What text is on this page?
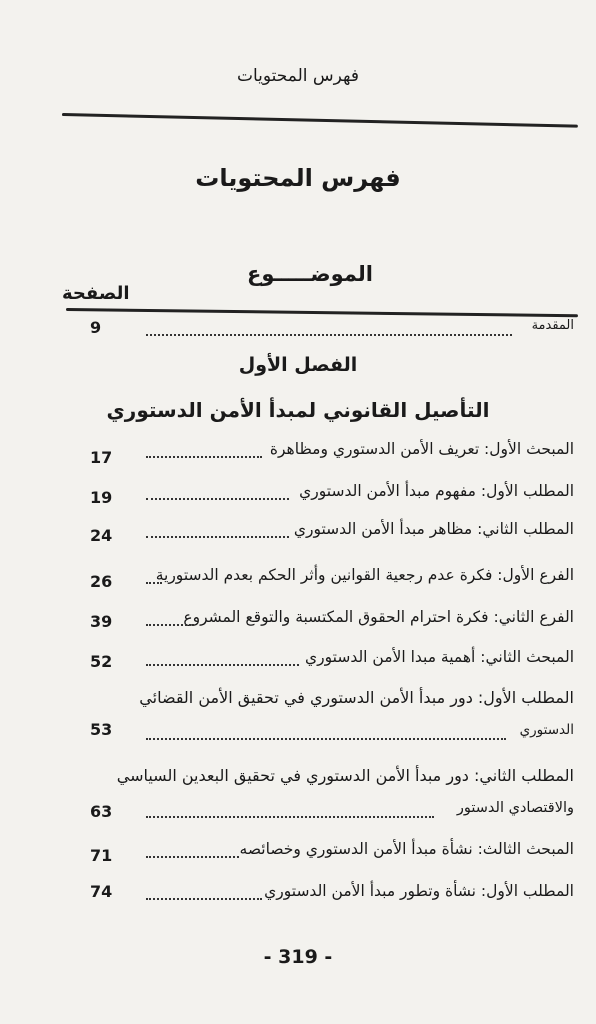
فهرس المحتويات
فهرس المحتويات
الموضـــــوع
الصفحة
المقدمة
9
الفصل الأول
التأصيل القانوني لمبدأ الأمن الدستوري
المبحث الأول: تعريف الأمن الدستوري ومظاهرة
17
المطلب الأول: مفهوم مبدأ الأمن الدستوري
19
المطلب الثاني: مظاهر مبدأ الأمن الدستوري
24
الفرع الأول: فكرة عدم رجعية القوانين وأثر الحكم بعدم الدستورية
26
الفرع الثاني: فكرة احترام الحقوق المكتسبة والتوقع المشروع
39
المبحث الثاني: أهمية مبدا الأمن الدستوري
52
المطلب الأول: دور مبدأ الأمن الدستوري في تحقيق الأمن القضائي
الدستوري
53
المطلب الثاني: دور مبدأ الأمن الدستوري في تحقيق البعدين السياسي
والاقتصادي الدستور
63
المبحث الثالث: نشأة مبدأ الأمن الدستوري وخصائصه
71
المطلب الأول: نشأة وتطور مبدأ الأمن الدستوري
74
- 319 -
